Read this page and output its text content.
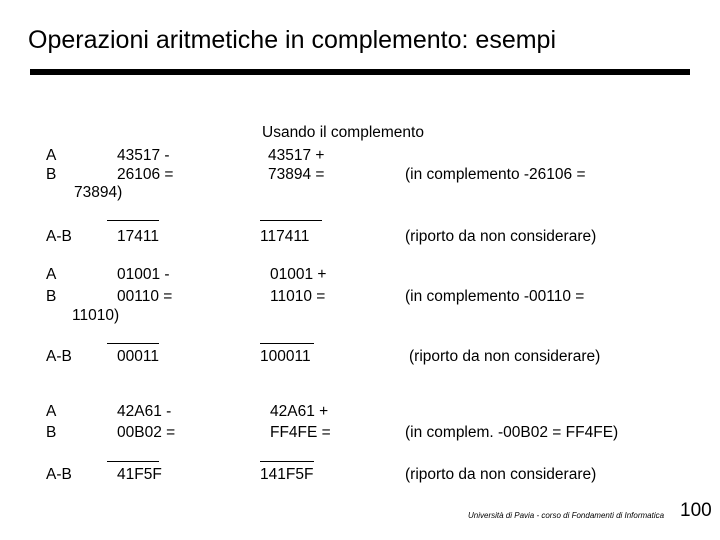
Operazioni aritmetiche in complemento: esempi
Usando il complemento
A	43517 -	43517 +
B	26106 =	73894 =	(in complemento -26106 =
73894)
A-B	17411	117411	(riporto da non considerare)
A	01001 -	01001 +
B	00110 =	11010 =	(in complemento -00110 =
11010)
A-B	00011	100011	(riporto da non considerare)
A	42A61 -	42A61 +
B	00B02 =	FF4FE =	(in complem. -00B02 = FF4FE)
A-B	41F5F	141F5F	(riporto da non considerare)
Università di Pavia - corso di Fondamenti di Informatica 100
